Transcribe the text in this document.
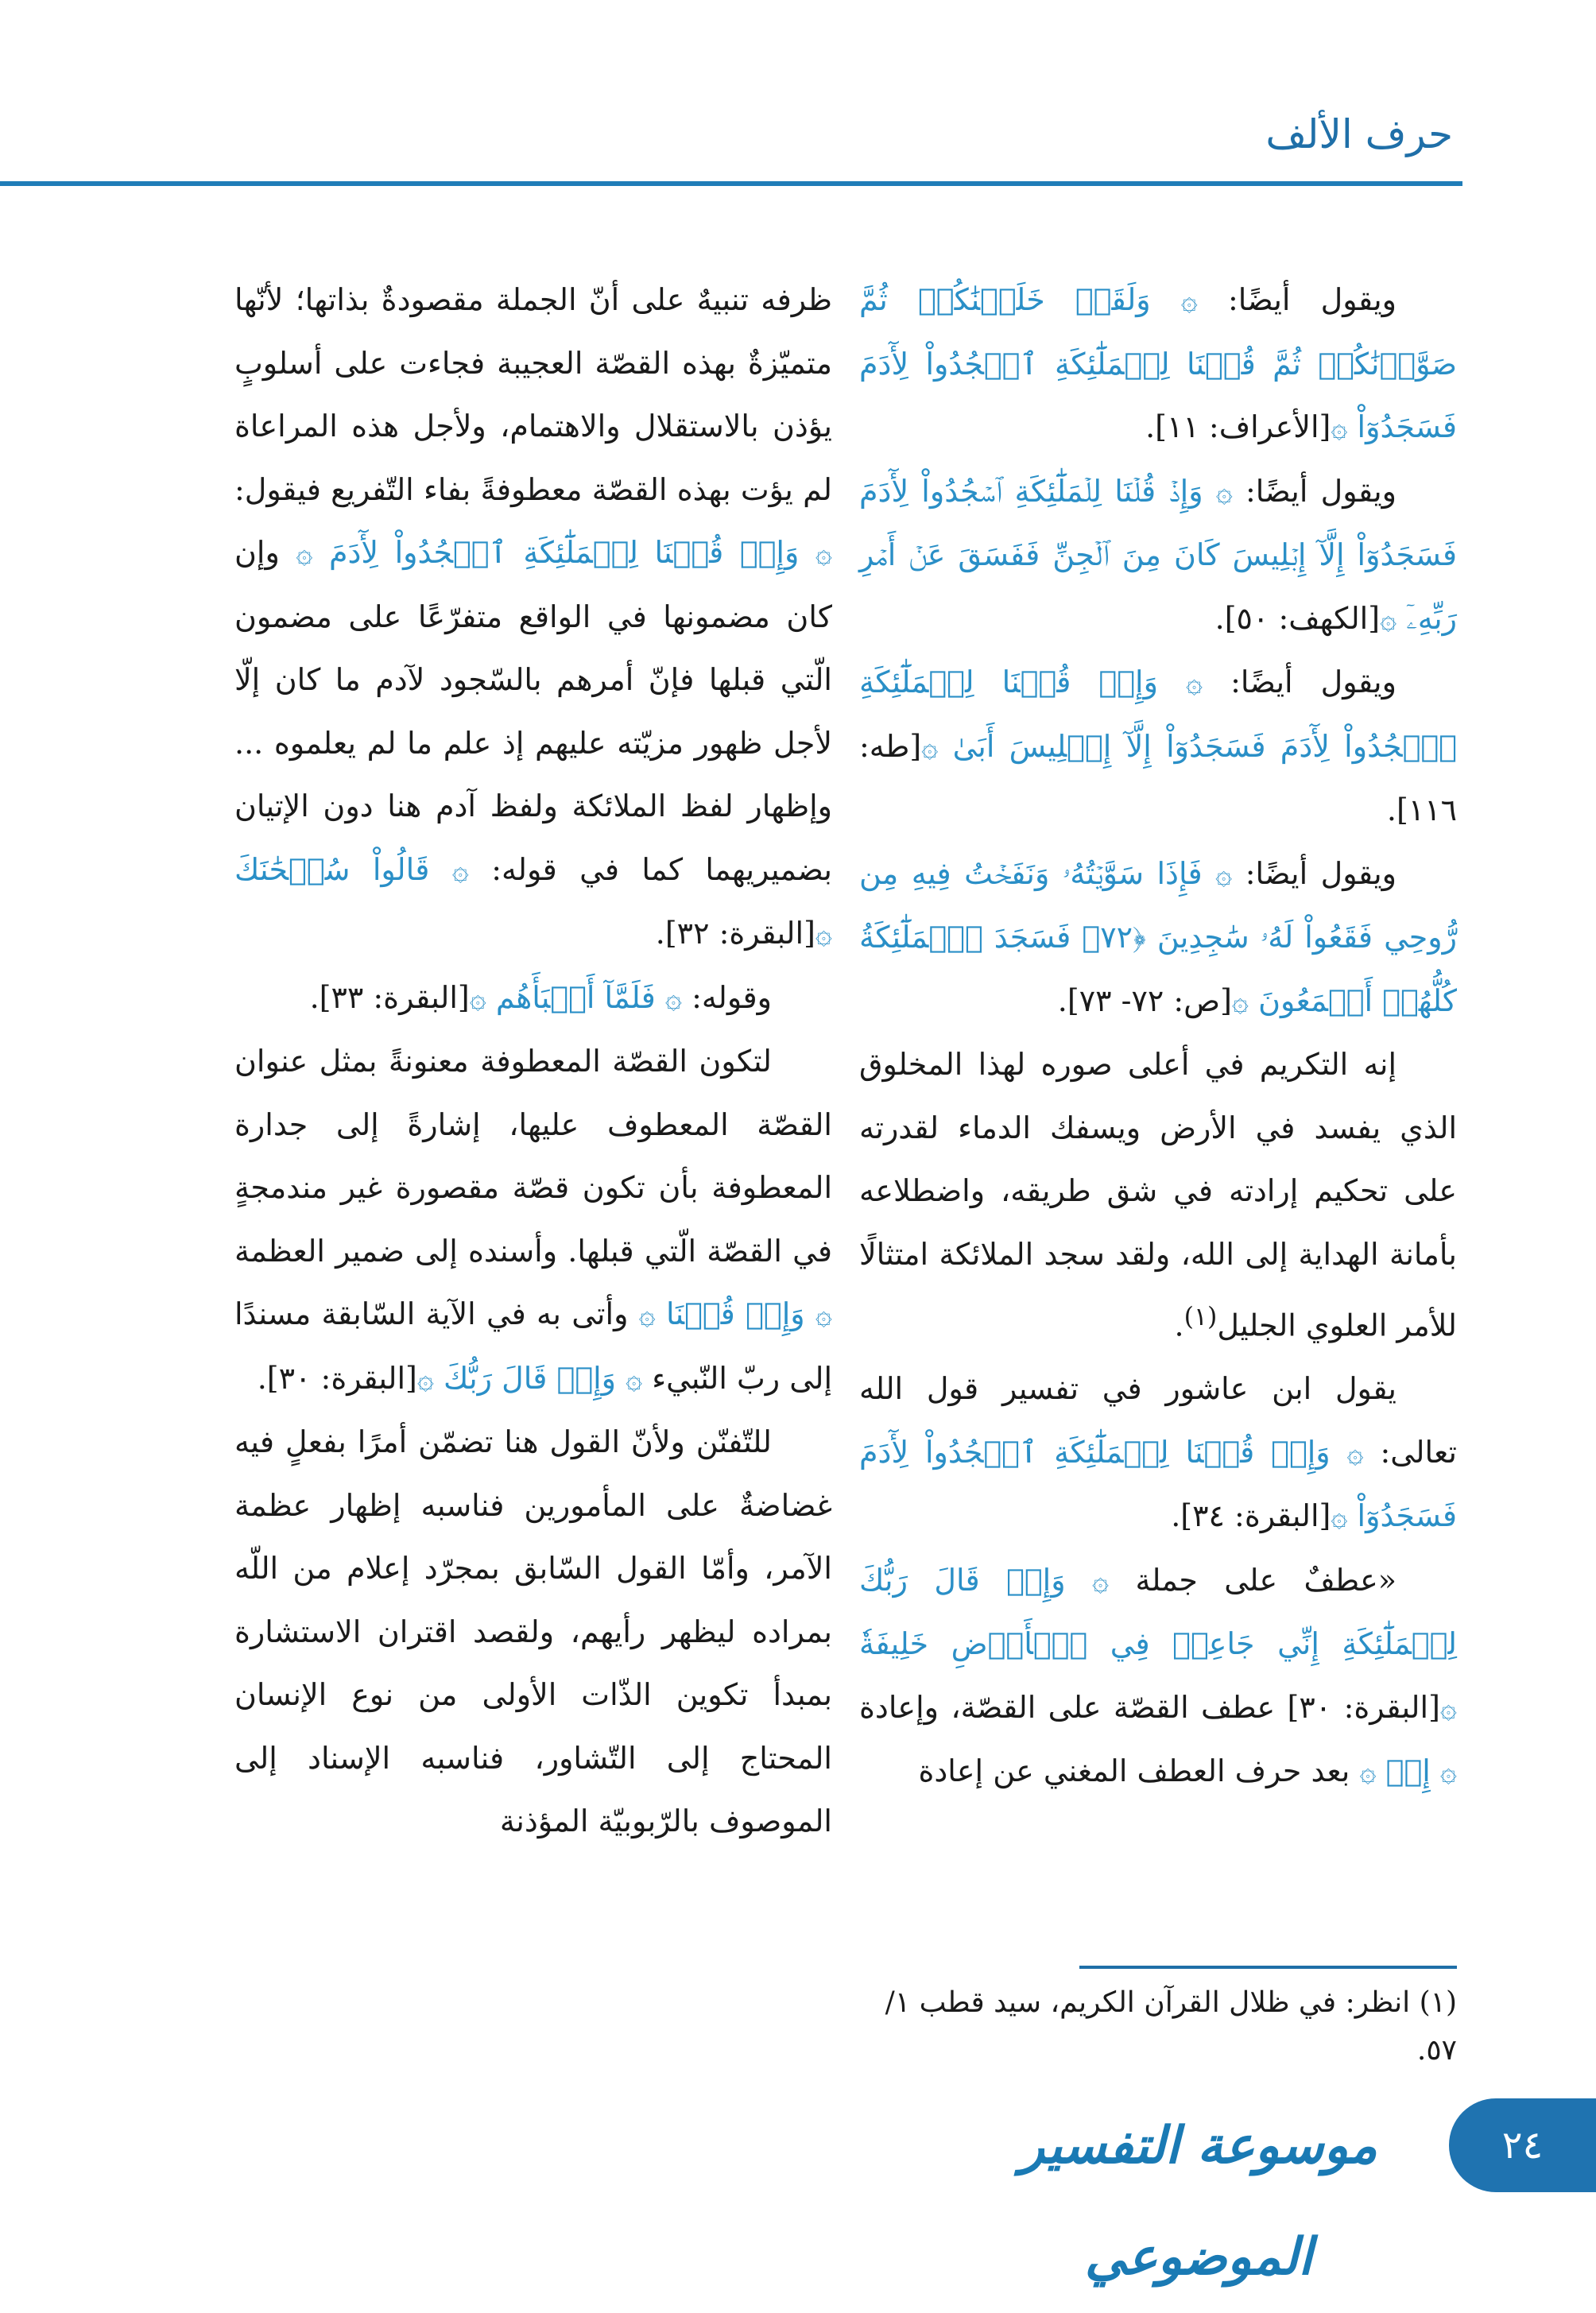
حرف الألف

ويقول أيضًا: ۞ وَلَقَدۡ خَلَقۡنَٰكُمۡ ثُمَّ صَوَّرۡنَٰكُمۡ ثُمَّ قُلۡنَا لِلۡمَلَٰٓئِكَةِ ٱسۡجُدُواْ لِأٓدَمَ فَسَجَدُوٓاْ ۞[الأعراف: ١١].

ويقول أيضًا: ۞ وَإِذۡ قُلۡنَا لِلۡمَلَٰٓئِكَةِ ٱسۡجُدُواْ لِأٓدَمَ فَسَجَدُوٓاْ إِلَّآ إِبۡلِيسَ كَانَ مِنَ ٱلۡجِنِّ فَفَسَقَ عَنۡ أَمۡرِ رَبِّهِۦٓ ۞[الكهف: ٥٠].

ويقول أيضًا: ۞ وَإِذۡ قُلۡنَا لِلۡمَلَٰٓئِكَةِ ٱسۡجُدُواْ لِأٓدَمَ فَسَجَدُوٓاْ إِلَّآ إِبۡلِيسَ أَبَىٰ ۞[طه: ١١٦].

ويقول أيضًا: ۞ فَإِذَا سَوَّيۡتُهُۥ وَنَفَخۡتُ فِيهِ مِن رُّوحِي فَقَعُواْ لَهُۥ سَٰجِدِينَ ﴿٧٢﴾ فَسَجَدَ ٱلۡمَلَٰٓئِكَةُ كُلُّهُمۡ أَجۡمَعُونَ ۞[ص: ٧٢- ٧٣].

إنه التكريم في أعلى صوره لهذا المخلوق الذي يفسد في الأرض ويسفك الدماء لقدرته على تحكيم إرادته في شق طريقه، واضطلاعه بأمانة الهداية إلى الله، ولقد سجد الملائكة امتثالًا للأمر العلوي الجليل$^{(١)}$.

يقول ابن عاشور في تفسير قول الله تعالى: ۞ وَإِذۡ قُلۡنَا لِلۡمَلَٰٓئِكَةِ ٱسۡجُدُواْ لِأٓدَمَ فَسَجَدُوٓاْ ۞[البقرة: ٣٤].

«عطفٌ على جملة ۞ وَإِذۡ قَالَ رَبُّكَ لِلۡمَلَٰٓئِكَةِ إِنِّي جَاعِلٞ فِي ٱلۡأَرۡضِ خَلِيفَةٗ ۞[البقرة: ٣٠] عطف القصّة على القصّة، وإعادة ۞ إِذۡ ۞ بعد حرف العطف المغني عن إعادة

ظرفه تنبيهٌ على أنّ الجملة مقصودةٌ بذاتها؛ لأنّها متميّزةٌ بهذه القصّة العجيبة فجاءت على أسلوبٍ يؤذن بالاستقلال والاهتمام، ولأجل هذه المراعاة لم يؤت بهذه القصّة معطوفةً بفاء التّفريع فيقول: ۞ وَإِذۡ قُلۡنَا لِلۡمَلَٰٓئِكَةِ ٱسۡجُدُواْ لِأٓدَمَ ۞ وإن كان مضمونها في الواقع متفرّعًا على مضمون الّتي قبلها فإنّ أمرهم بالسّجود لآدم ما كان إلّا لأجل ظهور مزيّته عليهم إذ علم ما لم يعلموه ... وإظهار لفظ الملائكة ولفظ آدم هنا دون الإتيان بضميريهما كما في قوله: ۞ قَالُواْ سُبۡحَٰنَكَ ۞[البقرة: ٣٢].

وقوله: ۞ فَلَمَّآ أَنۢبَأَهُم ۞[البقرة: ٣٣].

لتكون القصّة المعطوفة معنونةً بمثل عنوان القصّة المعطوف عليها، إشارةً إلى جدارة المعطوفة بأن تكون قصّة مقصورة غير مندمجةٍ في القصّة الّتي قبلها. وأسنده إلى ضمير العظمة ۞ وَإِذۡ قُلۡنَا ۞ وأتى به في الآية السّابقة مسندًا إلى ربّ النّبيء ۞ وَإِذۡ قَالَ رَبُّكَ ۞[البقرة: ٣٠].

للتّفنّن ولأنّ القول هنا تضمّن أمرًا بفعلٍ فيه غضاضةٌ على المأمورين فناسبه إظهار عظمة الآمر، وأمّا القول السّابق بمجرّد إعلام من اللّه بمراده ليظهر رأيهم، ولقصد اقتران الاستشارة بمبدأ تكوين الذّات الأولى من نوع الإنسان المحتاج إلى التّشاور، فناسبه الإسناد إلى الموصوف بالرّبوبيّة المؤذنة

(١) انظر: في ظلال القرآن الكريم، سيد قطب ١/ ٥٧.
موسوعة التفسير الموضوعي
٢٤
